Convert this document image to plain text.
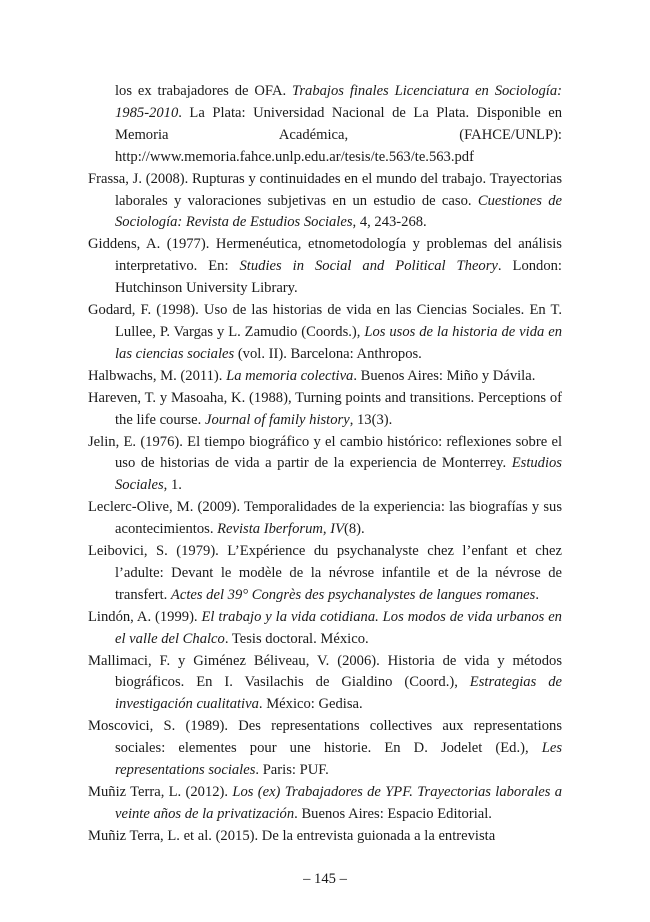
los ex trabajadores de OFA. Trabajos finales Licenciatura en Sociología: 1985-2010. La Plata: Universidad Nacional de La Plata. Disponible en Memoria Académica, (FAHCE/UNLP): http://www.memoria.fahce.unlp.edu.ar/tesis/te.563/te.563.pdf

Frassa, J. (2008). Rupturas y continuidades en el mundo del trabajo. Trayectorias laborales y valoraciones subjetivas en un estudio de caso. Cuestiones de Sociología: Revista de Estudios Sociales, 4, 243-268.

Giddens, A. (1977). Hermenéutica, etnometodología y problemas del análisis interpretativo. En: Studies in Social and Political Theory. London: Hutchinson University Library.

Godard, F. (1998). Uso de las historias de vida en las Ciencias Sociales. En T. Lullee, P. Vargas y L. Zamudio (Coords.), Los usos de la historia de vida en las ciencias sociales (vol. II). Barcelona: Anthropos.

Halbwachs, M. (2011). La memoria colectiva. Buenos Aires: Miño y Dávila.

Hareven, T. y Masoaha, K. (1988), Turning points and transitions. Perceptions of the life course. Journal of family history, 13(3).

Jelin, E. (1976). El tiempo biográfico y el cambio histórico: reflexiones sobre el uso de historias de vida a partir de la experiencia de Monterrey. Estudios Sociales, 1.

Leclerc-Olive, M. (2009). Temporalidades de la experiencia: las biografías y sus acontecimientos. Revista Iberforum, IV(8).

Leibovici, S. (1979). L’Expérience du psychanalyste chez l’enfant et chez l’adulte: Devant le modèle de la névrose infantile et de la névrose de transfert. Actes del 39° Congrès des psychanalystes de langues romanes.

Lindón, A. (1999). El trabajo y la vida cotidiana. Los modos de vida urbanos en el valle del Chalco. Tesis doctoral. México.

Mallimaci, F. y Giménez Béliveau, V. (2006). Historia de vida y métodos biográficos. En I. Vasilachis de Gialdino (Coord.), Estrategias de investigación cualitativa. México: Gedisa.

Moscovici, S. (1989). Des representations collectives aux representations sociales: elementes pour une historie. En D. Jodelet (Ed.), Les representations sociales. Paris: PUF.

Muñiz Terra, L. (2012). Los (ex) Trabajadores de YPF. Trayectorias laborales a veinte años de la privatización. Buenos Aires: Espacio Editorial.

Muñiz Terra, L. et al. (2015). De la entrevista guionada a la entrevista

– 145 –
